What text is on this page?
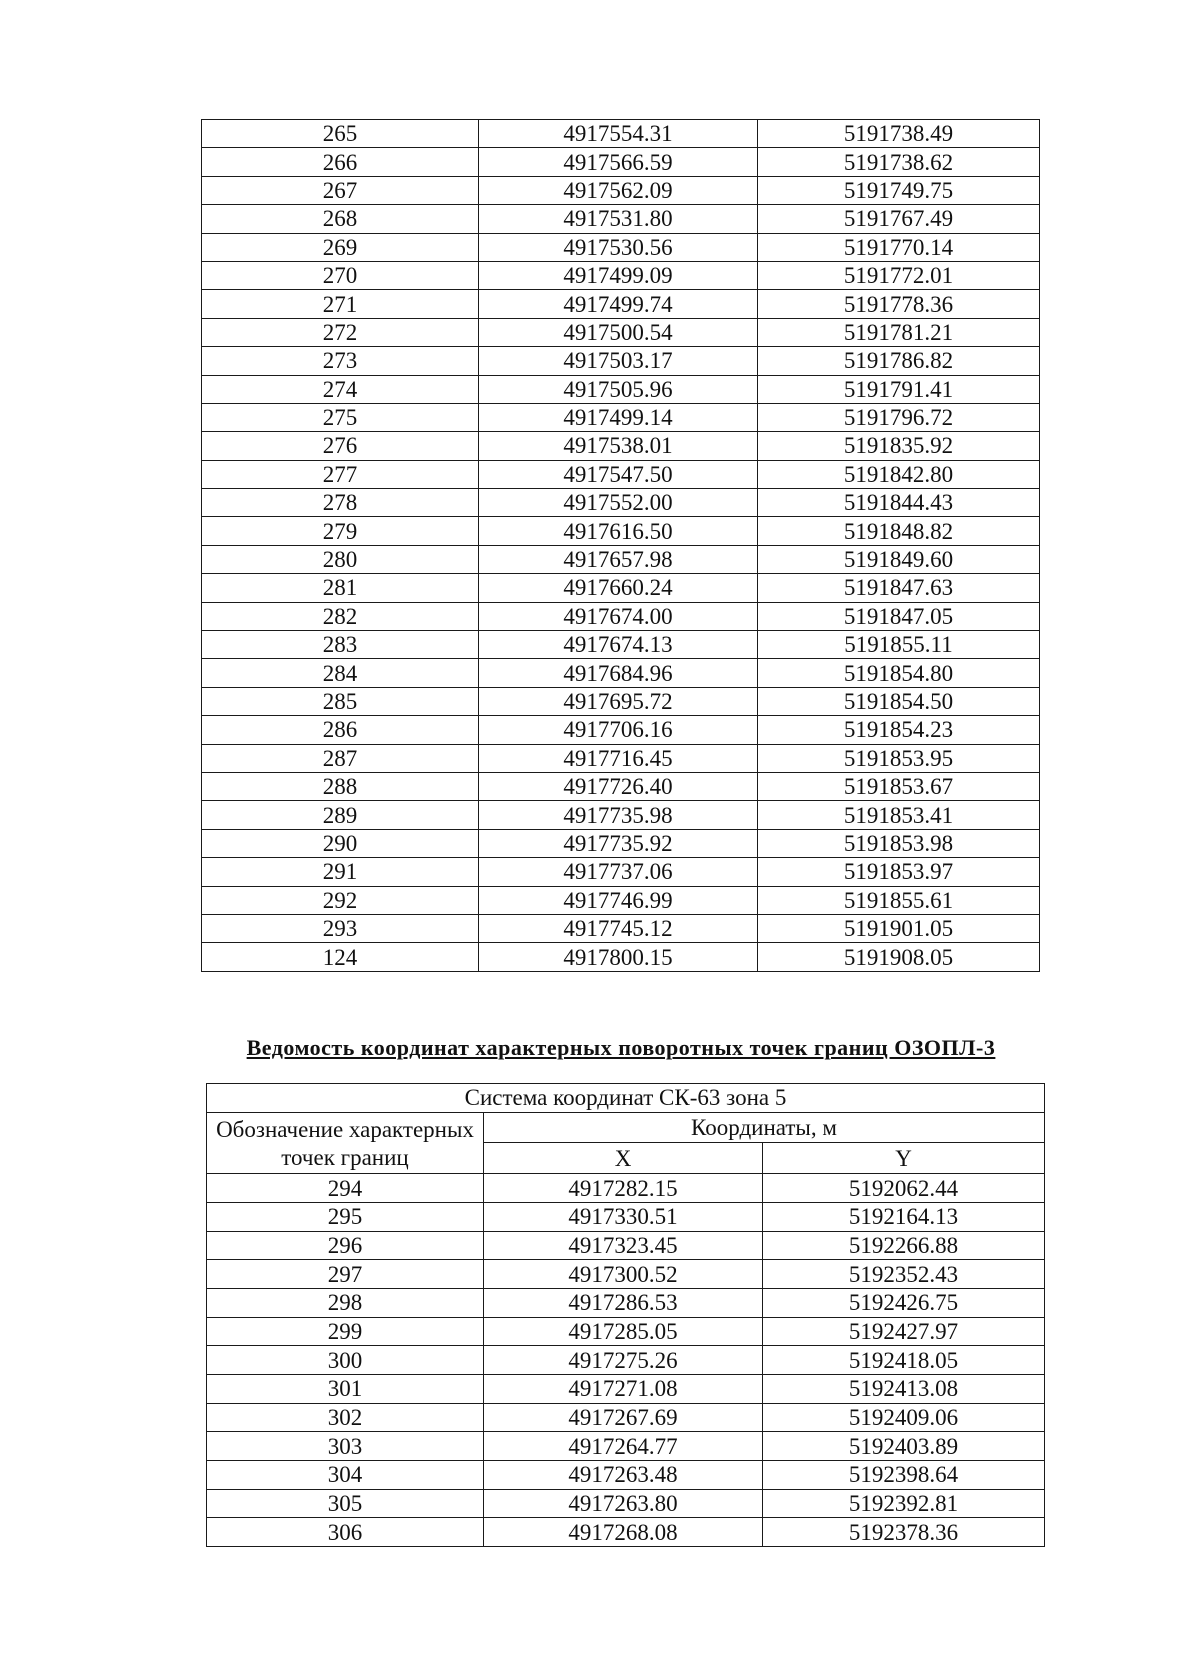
265	4917554.31	5191738.49
266	4917566.59	5191738.62
267	4917562.09	5191749.75
268	4917531.80	5191767.49
269	4917530.56	5191770.14
270	4917499.09	5191772.01
271	4917499.74	5191778.36
272	4917500.54	5191781.21
273	4917503.17	5191786.82
274	4917505.96	5191791.41
275	4917499.14	5191796.72
276	4917538.01	5191835.92
277	4917547.50	5191842.80
278	4917552.00	5191844.43
279	4917616.50	5191848.82
280	4917657.98	5191849.60
281	4917660.24	5191847.63
282	4917674.00	5191847.05
283	4917674.13	5191855.11
284	4917684.96	5191854.80
285	4917695.72	5191854.50
286	4917706.16	5191854.23
287	4917716.45	5191853.95
288	4917726.40	5191853.67
289	4917735.98	5191853.41
290	4917735.92	5191853.98
291	4917737.06	5191853.97
292	4917746.99	5191855.61
293	4917745.12	5191901.05
124	4917800.15	5191908.05
Ведомость координат характерных поворотных точек границ ОЗОПЛ-3
Система координат СК-63 зона 5		
Обозначение характерных точек границ	Координаты, м	
	X	Y
294	4917282.15	5192062.44
295	4917330.51	5192164.13
296	4917323.45	5192266.88
297	4917300.52	5192352.43
298	4917286.53	5192426.75
299	4917285.05	5192427.97
300	4917275.26	5192418.05
301	4917271.08	5192413.08
302	4917267.69	5192409.06
303	4917264.77	5192403.89
304	4917263.48	5192398.64
305	4917263.80	5192392.81
306	4917268.08	5192378.36
